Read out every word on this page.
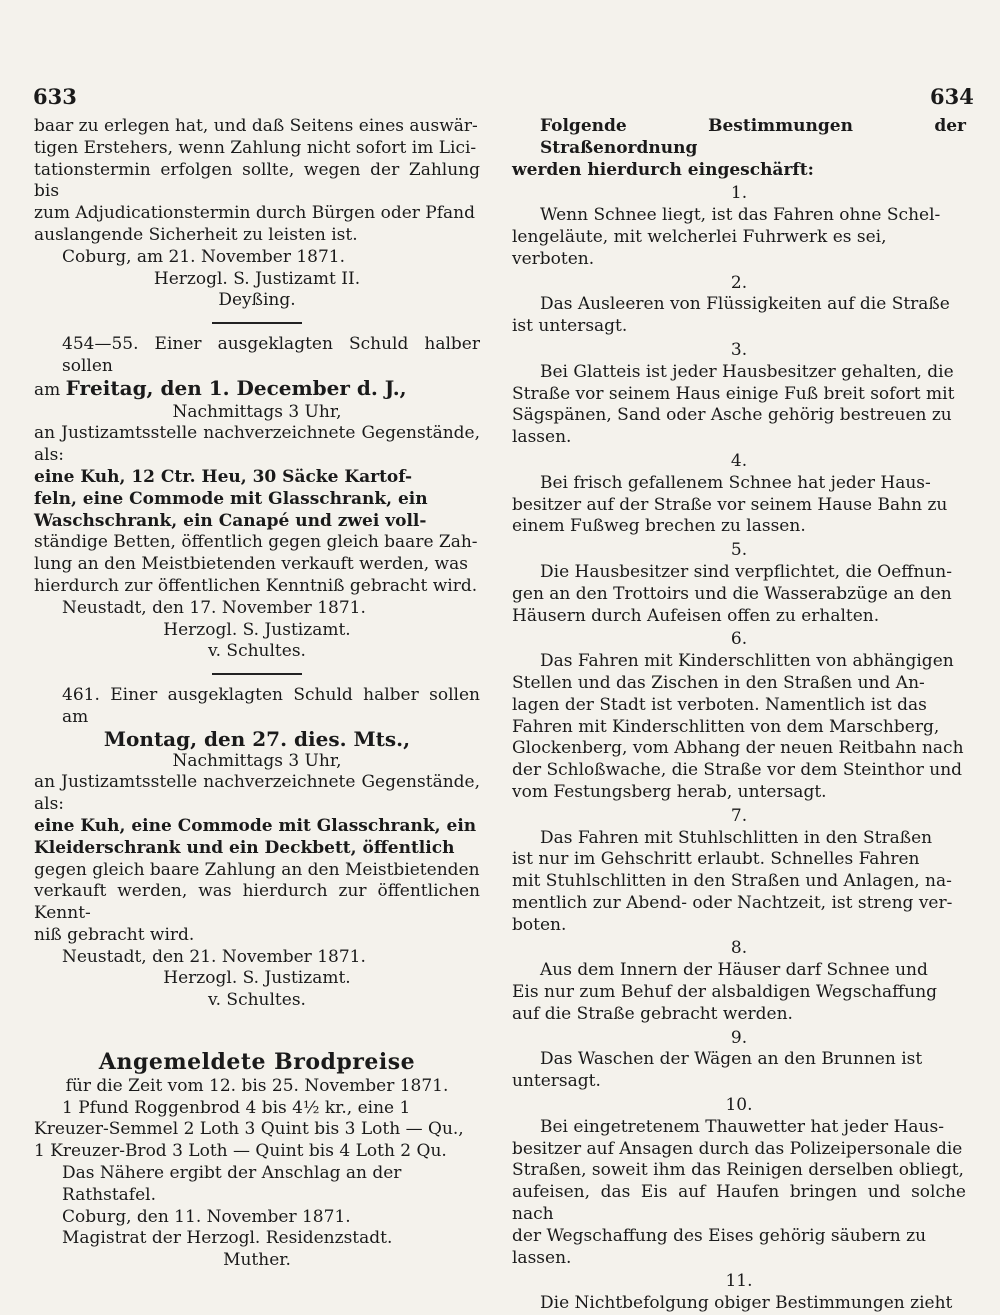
633	634

baar zu erlegen hat, und daß Seitens eines auswär-

tigen Erstehers, wenn Zahlung nicht sofort im Lici-

tationstermin erfolgen sollte, wegen der Zahlung bis

zum Adjudicationstermin durch Bürgen oder Pfand

auslangende Sicherheit zu leisten ist.

Coburg, am 21. November 1871.

Herzogl. S. Justizamt II.

Deyßing.

454—55. Einer ausgeklagten Schuld halber sollen

am Freitag, den 1. December d. J.,

Nachmittags 3 Uhr,

an Justizamtsstelle nachverzeichnete Gegenstände, als:

eine Kuh, 12 Ctr. Heu, 30 Säcke Kartof-

feln, eine Commode mit Glasschrank, ein

Waschschrank, ein Canapé und zwei voll-

ständige Betten, öffentlich gegen gleich baare Zah-

lung an den Meistbietenden verkauft werden, was

hierdurch zur öffentlichen Kenntniß gebracht wird.

Neustadt, den 17. November 1871.

Herzogl. S. Justizamt.

v. Schultes.

461. Einer ausgeklagten Schuld halber sollen am

Montag, den 27. dies. Mts.,

Nachmittags 3 Uhr,

an Justizamtsstelle nachverzeichnete Gegenstände, als:

eine Kuh, eine Commode mit Glasschrank, ein

Kleiderschrank und ein Deckbett, öffentlich

gegen gleich baare Zahlung an den Meistbietenden

verkauft werden, was hierdurch zur öffentlichen Kennt-

niß gebracht wird.

Neustadt, den 21. November 1871.

Herzogl. S. Justizamt.

v. Schultes.

Angemeldete Brodpreise

für die Zeit vom 12. bis 25. November 1871.

1 Pfund Roggenbrod 4 bis 4½ kr., eine 1

Kreuzer-Semmel 2 Loth 3 Quint bis 3 Loth — Qu.,

1 Kreuzer-Brod 3 Loth — Quint bis 4 Loth 2 Qu.

Das Nähere ergibt der Anschlag an der Rathstafel.

Coburg, den 11. November 1871.

Magistrat der Herzogl. Residenzstadt.

Muther.

Folgende Bestimmungen der Straßenordnung

werden hierdurch eingeschärft:

1.

Wenn Schnee liegt, ist das Fahren ohne Schel-

lengeläute, mit welcherlei Fuhrwerk es sei, verboten.

2.

Das Ausleeren von Flüssigkeiten auf die Straße

ist untersagt.

3.

Bei Glatteis ist jeder Hausbesitzer gehalten, die

Straße vor seinem Haus einige Fuß breit sofort mit

Sägspänen, Sand oder Asche gehörig bestreuen zu

lassen.

4.

Bei frisch gefallenem Schnee hat jeder Haus-

besitzer auf der Straße vor seinem Hause Bahn zu

einem Fußweg brechen zu lassen.

5.

Die Hausbesitzer sind verpflichtet, die Oeffnun-

gen an den Trottoirs und die Wasserabzüge an den

Häusern durch Aufeisen offen zu erhalten.

6.

Das Fahren mit Kinderschlitten von abhängigen

Stellen und das Zischen in den Straßen und An-

lagen der Stadt ist verboten. Namentlich ist das

Fahren mit Kinderschlitten von dem Marschberg,

Glockenberg, vom Abhang der neuen Reitbahn nach

der Schloßwache, die Straße vor dem Steinthor und

vom Festungsberg herab, untersagt.

7.

Das Fahren mit Stuhlschlitten in den Straßen

ist nur im Gehschritt erlaubt. Schnelles Fahren

mit Stuhlschlitten in den Straßen und Anlagen, na-

mentlich zur Abend- oder Nachtzeit, ist streng ver-

boten.

8.

Aus dem Innern der Häuser darf Schnee und

Eis nur zum Behuf der alsbaldigen Wegschaffung

auf die Straße gebracht werden.

9.

Das Waschen der Wägen an den Brunnen ist

untersagt.

10.

Bei eingetretenem Thauwetter hat jeder Haus-

besitzer auf Ansagen durch das Polizeipersonale die

Straßen, soweit ihm das Reinigen derselben obliegt,

aufeisen, das Eis auf Haufen bringen und solche nach

der Wegschaffung des Eises gehörig säubern zu lassen.

11.

Die Nichtbefolgung obiger Bestimmungen zieht
